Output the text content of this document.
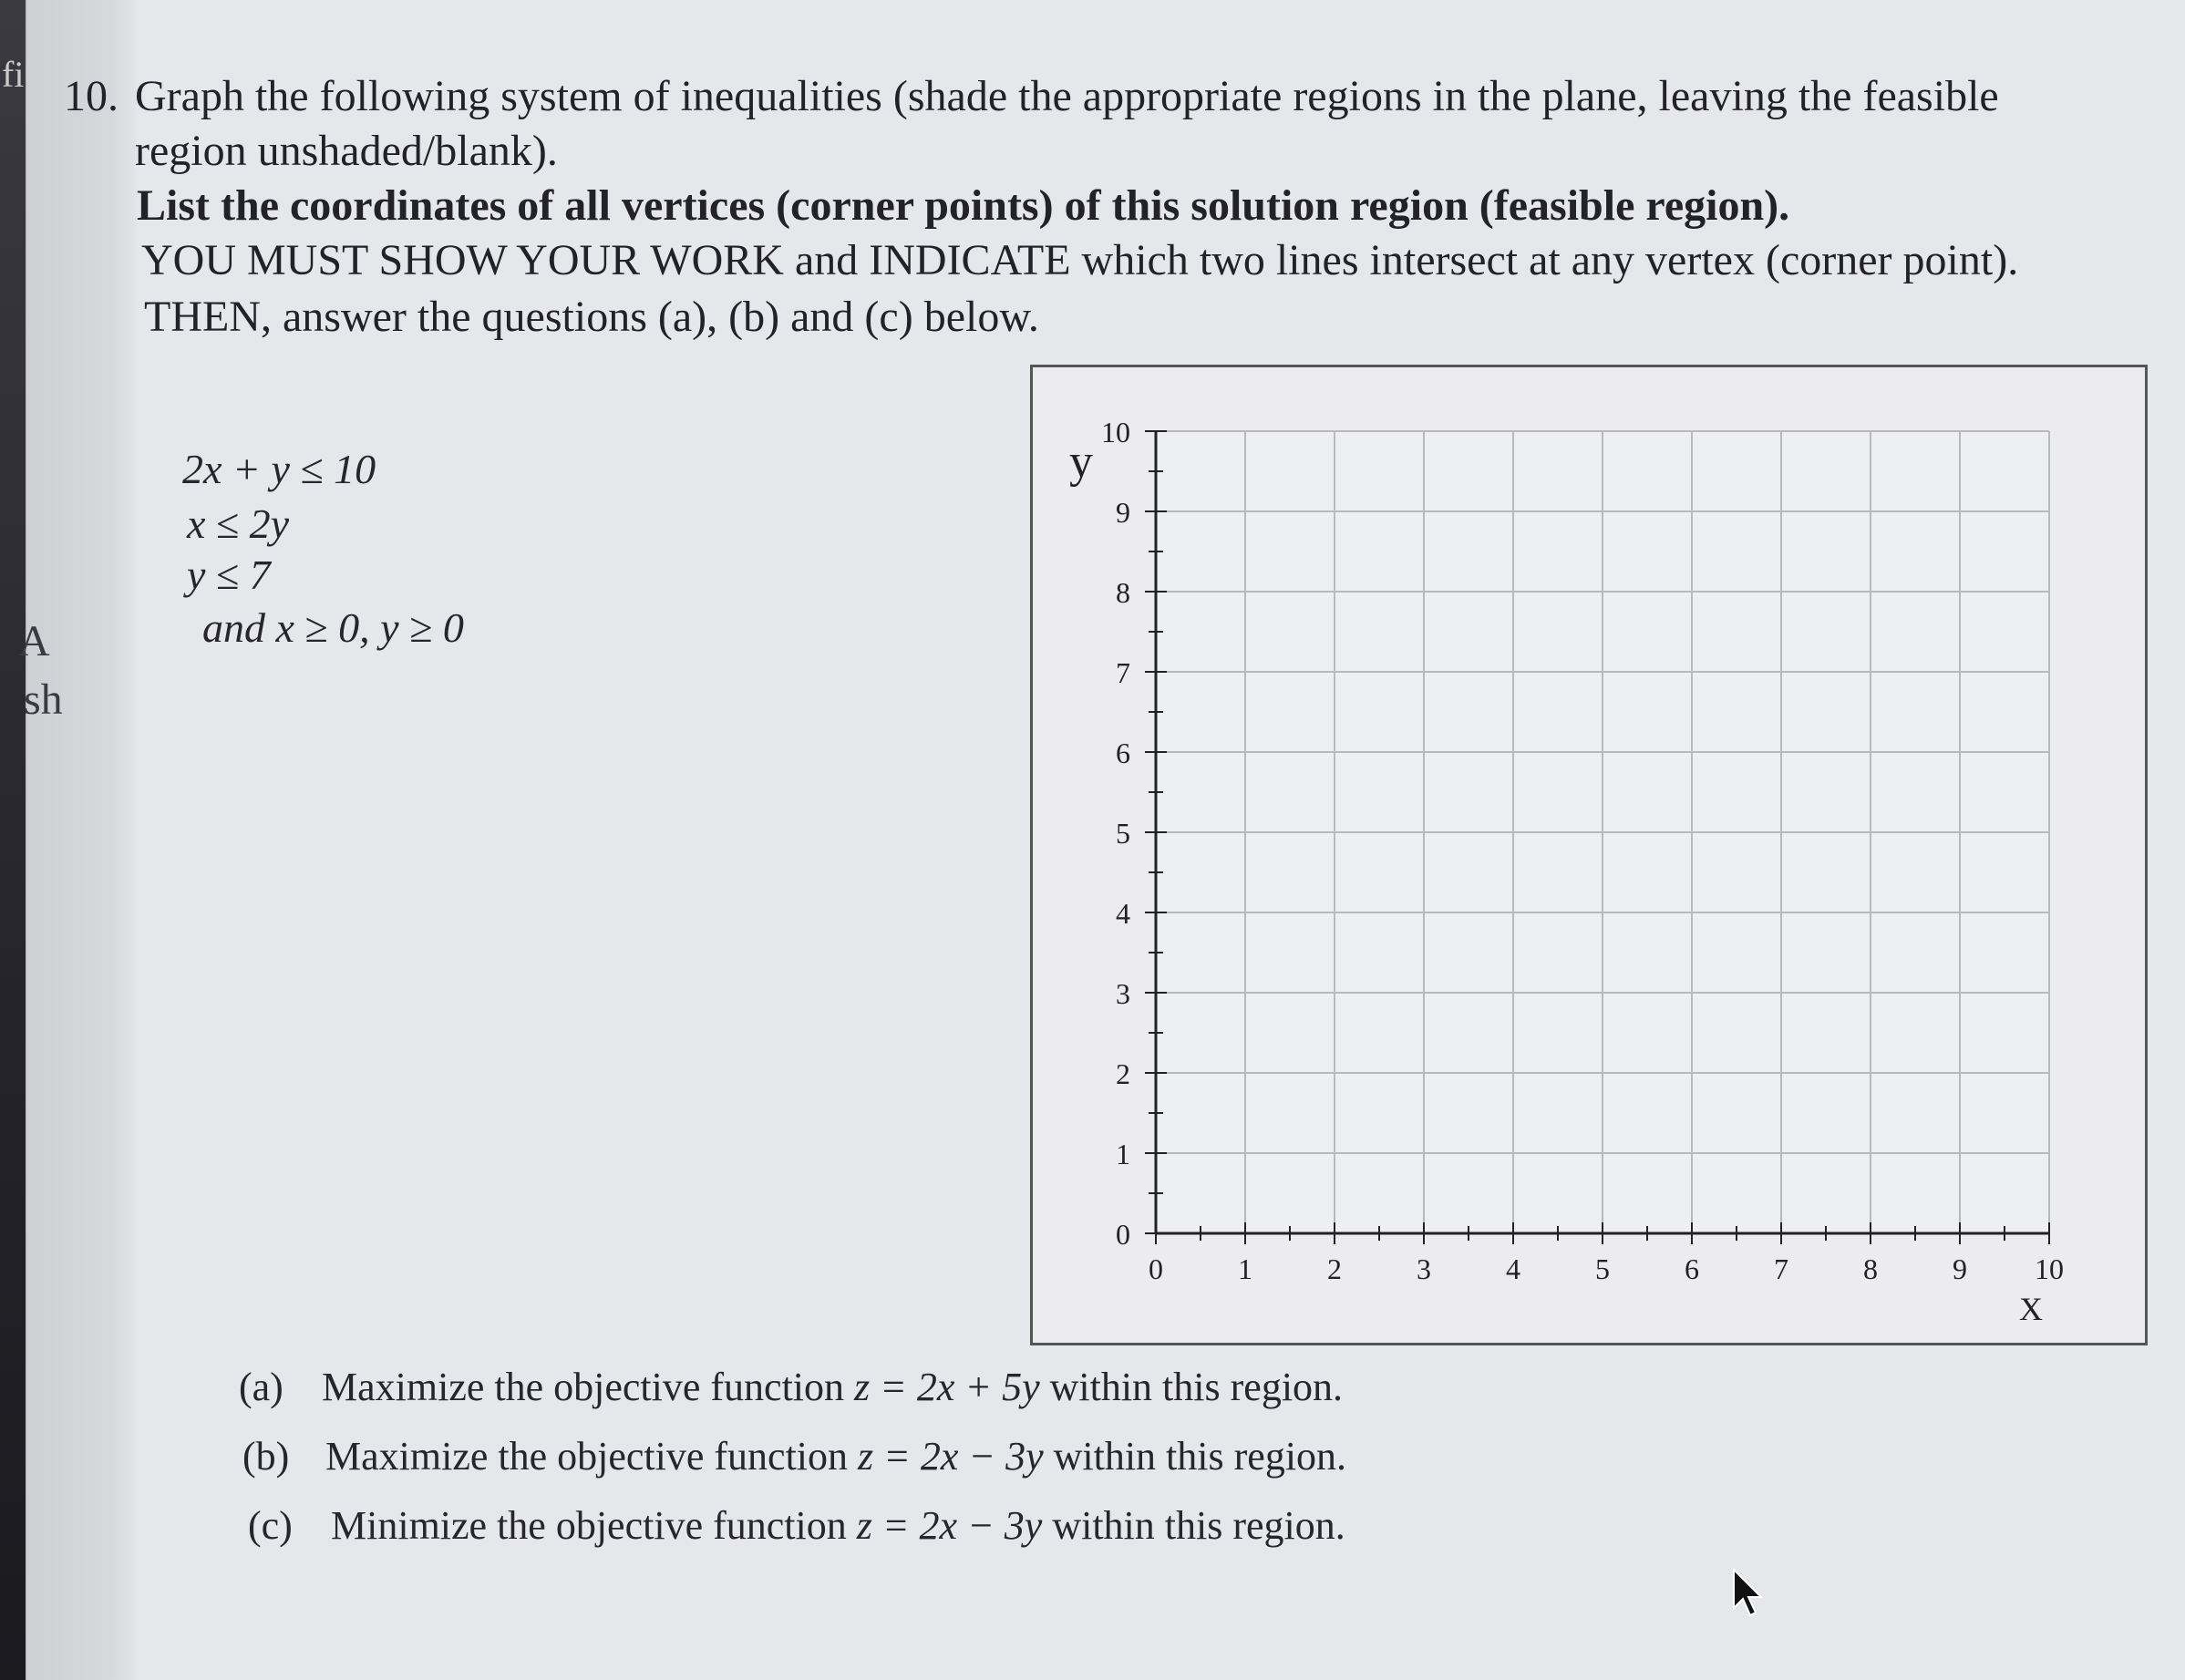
fi
A
sh
10. Graph the following system of inequalities (shade the appropriate regions in the plane, leaving the feasible
region unshaded/blank).
List the coordinates of all vertices (corner points) of this solution region (feasible region).
YOU MUST SHOW YOUR WORK and INDICATE which two lines intersect at any vertex (corner point).
THEN, answer the questions (a), (b) and (c) below.
2x + y ≤ 10
x ≤ 2y
y ≤ 7
and x ≥ 0, y ≥ 0
0	1	2	3	4	5	6	7	8	9 10
0
1
2
3
4
5
6
7
8
9
10
y
X
(a) Maximize the objective function z = 2x + 5y within this region.
(b) Maximize the objective function z = 2x − 3y within this region.
(c) Minimize the objective function z = 2x − 3y within this region.
